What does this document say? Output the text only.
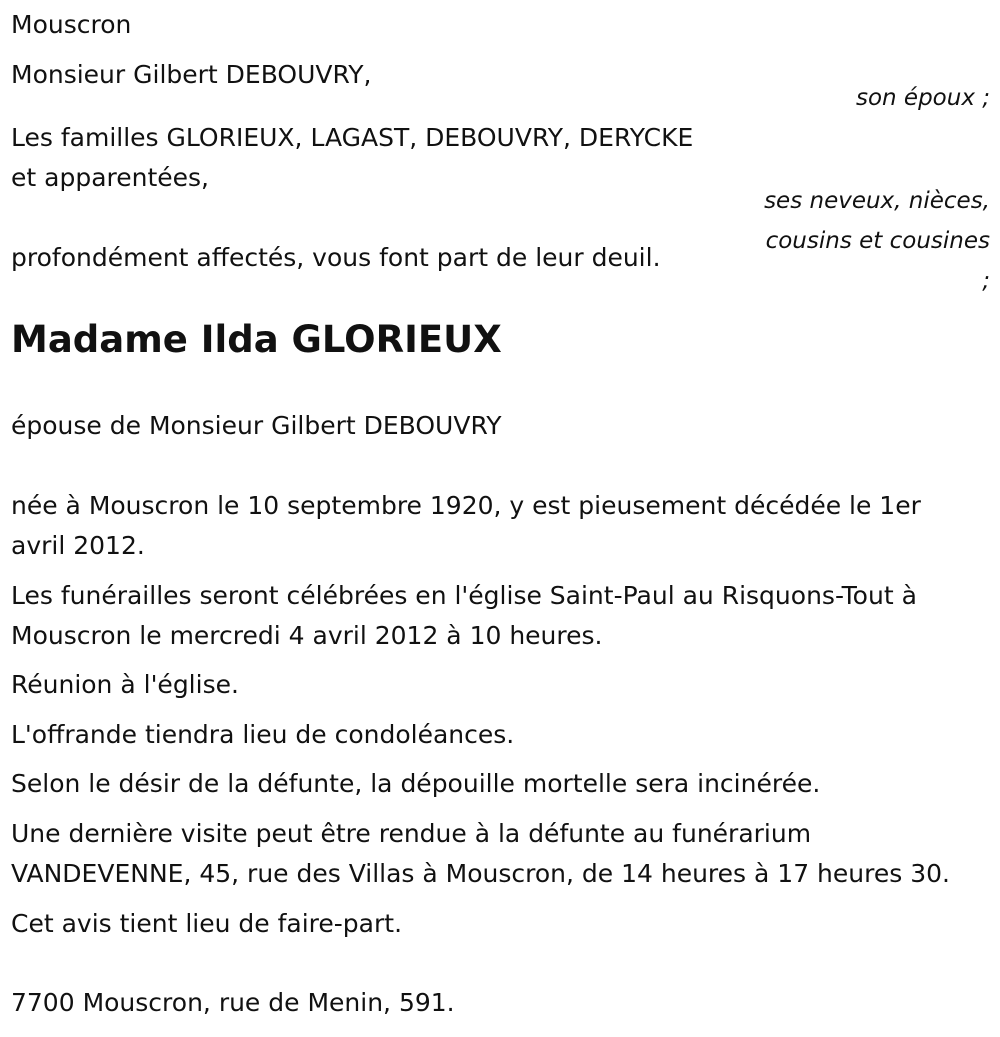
Mouscron
Monsieur Gilbert DEBOUVRY,
son époux ;
Les familles GLORIEUX, LAGAST, DEBOUVRY, DERYCKE
et apparentées,
ses neveux, nièces,
cousins et cousines
;
profondément affectés, vous font part de leur deuil.
Madame Ilda GLORIEUX
épouse de Monsieur Gilbert DEBOUVRY
née à Mouscron le 10 septembre 1920, y est pieusement décédée le 1er
avril 2012.
Les funérailles seront célébrées en l'église Saint-Paul au Risquons-Tout à
Mouscron le mercredi 4 avril 2012 à 10 heures.
Réunion à l'église.
L'offrande tiendra lieu de condoléances.
Selon le désir de la défunte, la dépouille mortelle sera incinérée.
Une dernière visite peut être rendue à la défunte au funérarium
VANDEVENNE, 45, rue des Villas à Mouscron, de 14 heures à 17 heures 30.
Cet avis tient lieu de faire-part.
7700 Mouscron, rue de Menin, 591.
